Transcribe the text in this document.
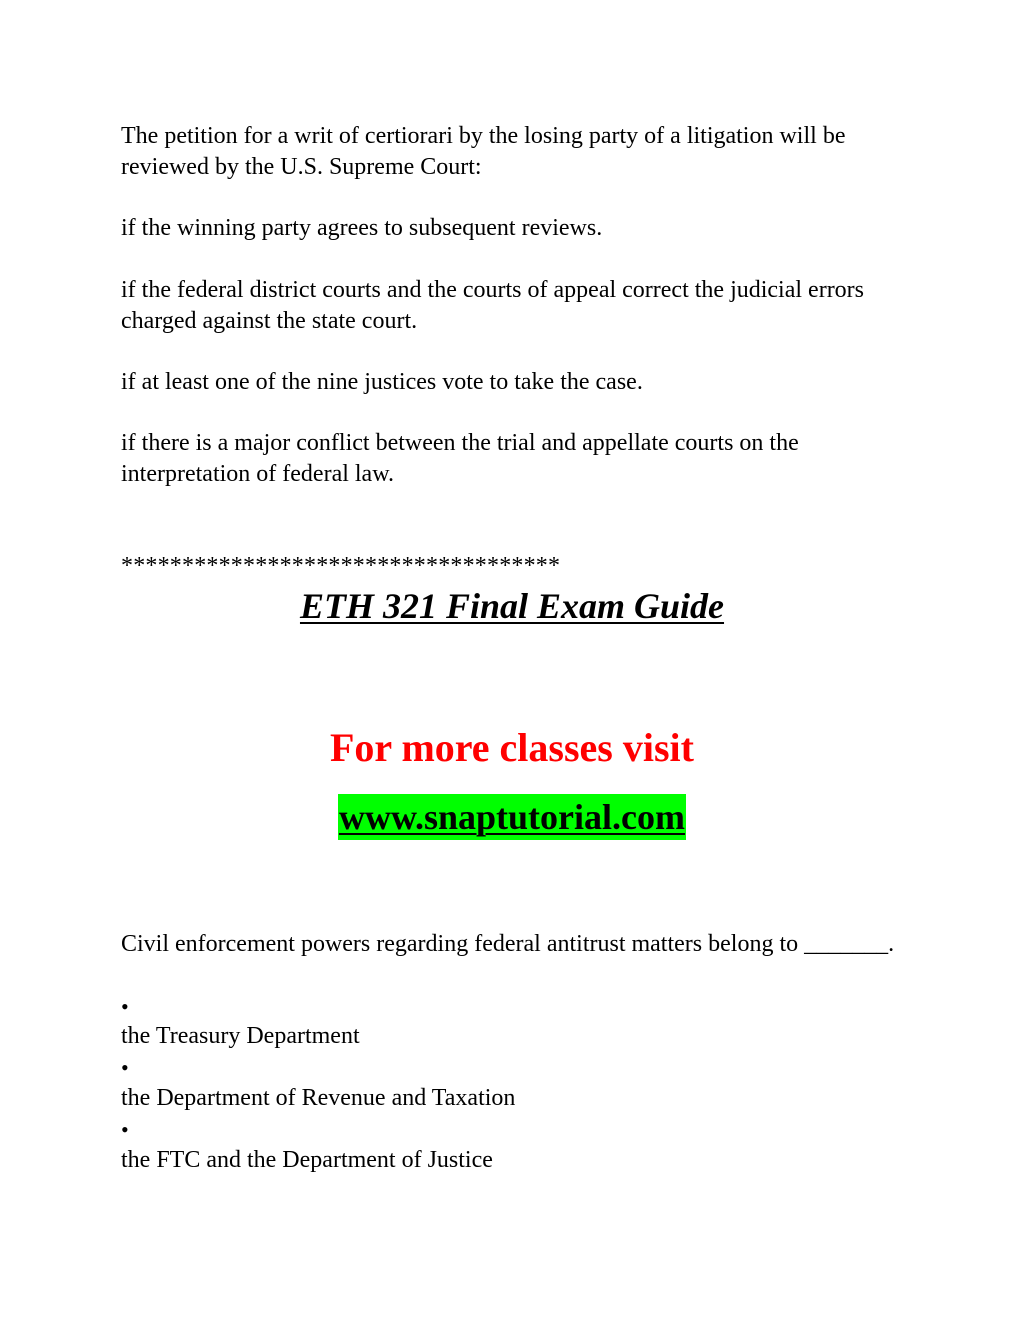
The petition for a writ of certiorari by the losing party of a litigation will be reviewed by the U.S. Supreme Court:

if the winning party agrees to subsequent reviews.

if the federal district courts and the courts of appeal correct the judicial errors charged against the state court.

if at least one of the nine justices vote to take the case.

if there is a major conflict between the trial and appellate courts on the interpretation of federal law.

************************************

ETH 321 Final Exam Guide

For more classes visit

www.snaptutorial.com

Civil enforcement powers regarding federal antitrust matters belong to _______.

•

the Treasury Department

•

the Department of Revenue and Taxation

•

the FTC and the Department of Justice
